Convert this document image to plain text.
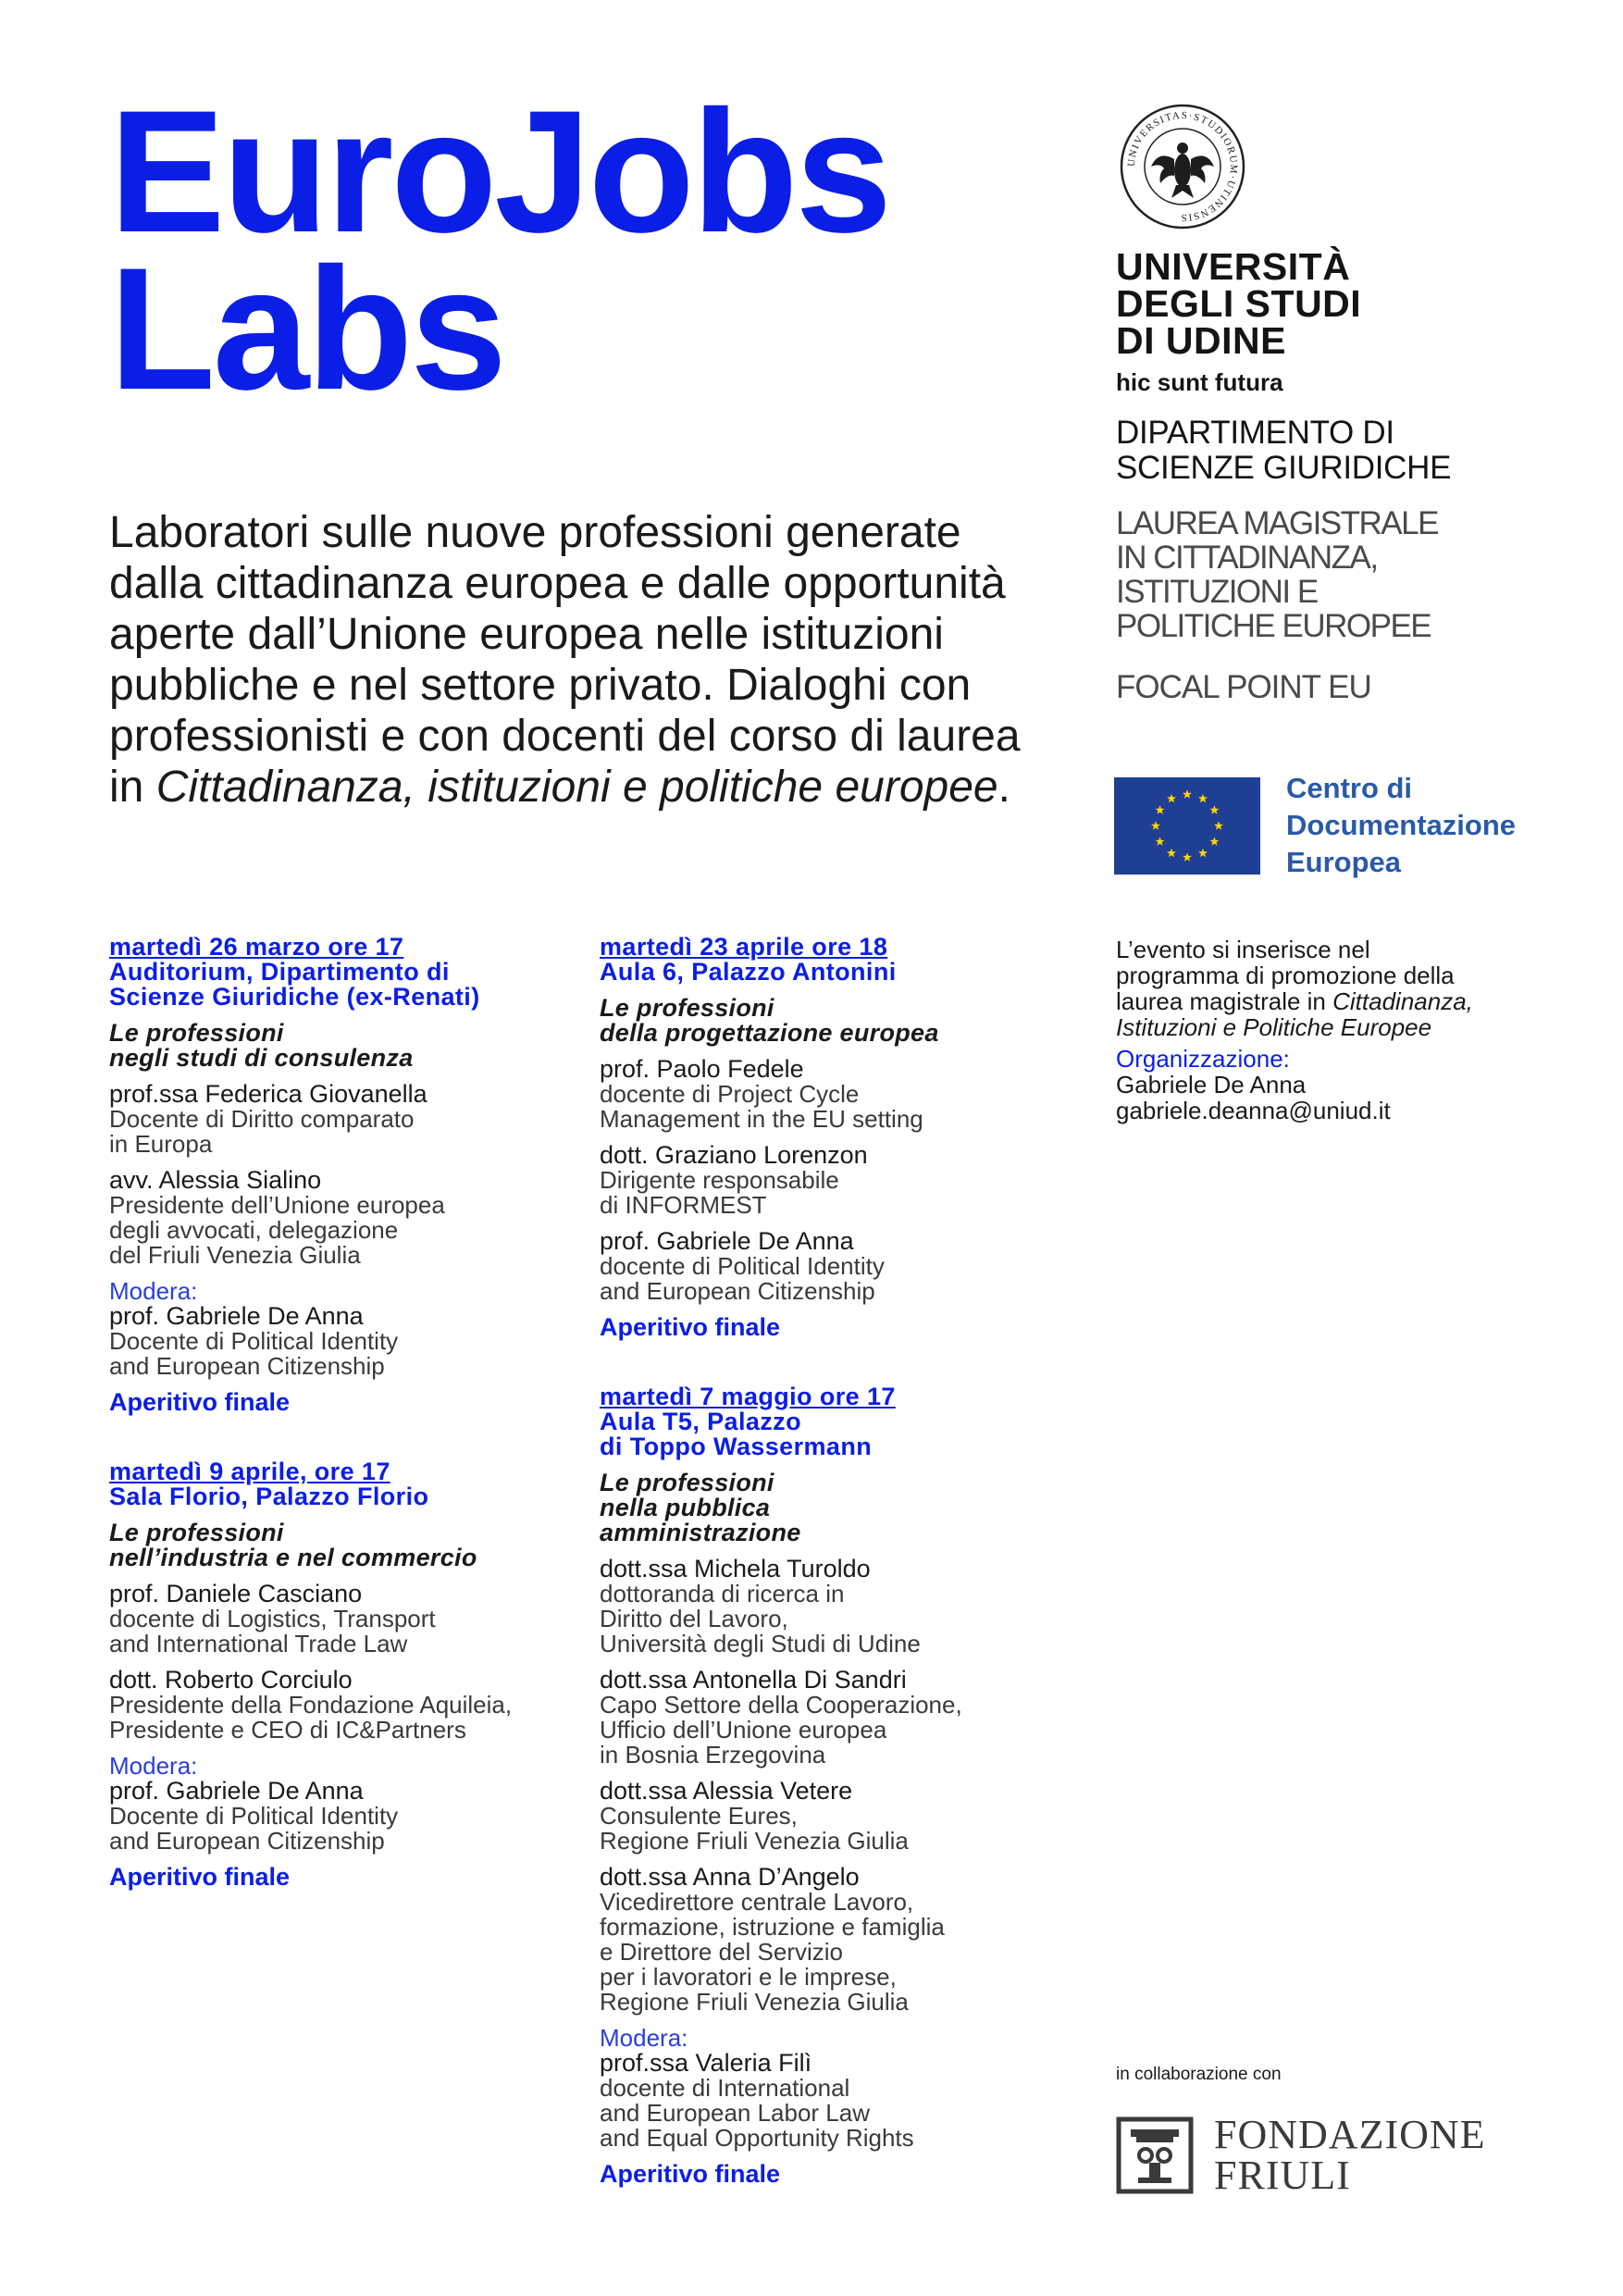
EuroJobs
Labs

Laboratori sulle nuove professioni generate dalla cittadinanza europea e dalle opportunità aperte dall’Unione europea nelle istituzioni pubbliche e nel settore privato. Dialoghi con professionisti e con docenti del corso di laurea in Cittadinanza, istituzioni e politiche europee.

UNIVERSITAS·STUDIORUM·UTINENSIS
UNIVERSITÀ
DEGLI STUDI
DI UDINE
hic sunt futura
DIPARTIMENTO DI
SCIENZE GIURIDICHE
LAUREA MAGISTRALE
IN CITTADINANZA,
ISTITUZIONI E
POLITICHE EUROPEE
FOCAL POINT EU
Centro di
Documentazione
Europea
martedì 26 marzo ore 17
Auditorium, Dipartimento di
Scienze Giuridiche (ex-Renati)
Le professioni
negli studi di consulenza
prof.ssa Federica Giovanella
Docente di Diritto comparato
in Europa
avv. Alessia Sialino
Presidente dell’Unione europea
degli avvocati, delegazione
del Friuli Venezia Giulia
Modera:
prof. Gabriele De Anna
Docente di Political Identity
and European Citizenship
Aperitivo finale
martedì 9 aprile, ore 17
Sala Florio, Palazzo Florio
Le professioni
nell’industria e nel commercio
prof. Daniele Casciano
docente di Logistics, Transport
and International Trade Law
dott. Roberto Corciulo
Presidente della Fondazione Aquileia,
Presidente e CEO di IC&Partners
Modera:
prof. Gabriele De Anna
Docente di Political Identity
and European Citizenship
Aperitivo finale
martedì 23 aprile ore 18
Aula 6, Palazzo Antonini
Le professioni
della progettazione europea
prof. Paolo Fedele
docente di Project Cycle
Management in the EU setting
dott. Graziano Lorenzon
Dirigente responsabile
di INFORMEST
prof. Gabriele De Anna
docente di Political Identity
and European Citizenship
Aperitivo finale
martedì 7 maggio ore 17
Aula T5, Palazzo
di Toppo Wassermann
Le professioni
nella pubblica
amministrazione
dott.ssa Michela Turoldo
dottoranda di ricerca in
Diritto del Lavoro,
Università degli Studi di Udine
dott.ssa Antonella Di Sandri
Capo Settore della Cooperazione,
Ufficio dell’Unione europea
in Bosnia Erzegovina
dott.ssa Alessia Vetere
Consulente Eures,
Regione Friuli Venezia Giulia
dott.ssa Anna D’Angelo
Vicedirettore centrale Lavoro,
formazione, istruzione e famiglia
e Direttore del Servizio
per i lavoratori e le imprese,
Regione Friuli Venezia Giulia
Modera:
prof.ssa Valeria Filì
docente di International
and European Labor Law
and Equal Opportunity Rights
Aperitivo finale
L’evento si inserisce nel
programma di promozione della
laurea magistrale in Cittadinanza,
Istituzioni e Politiche Europee
Organizzazione:
Gabriele De Anna
gabriele.deanna@uniud.it
in collaborazione con
FONDAZIONE
FRIULI
